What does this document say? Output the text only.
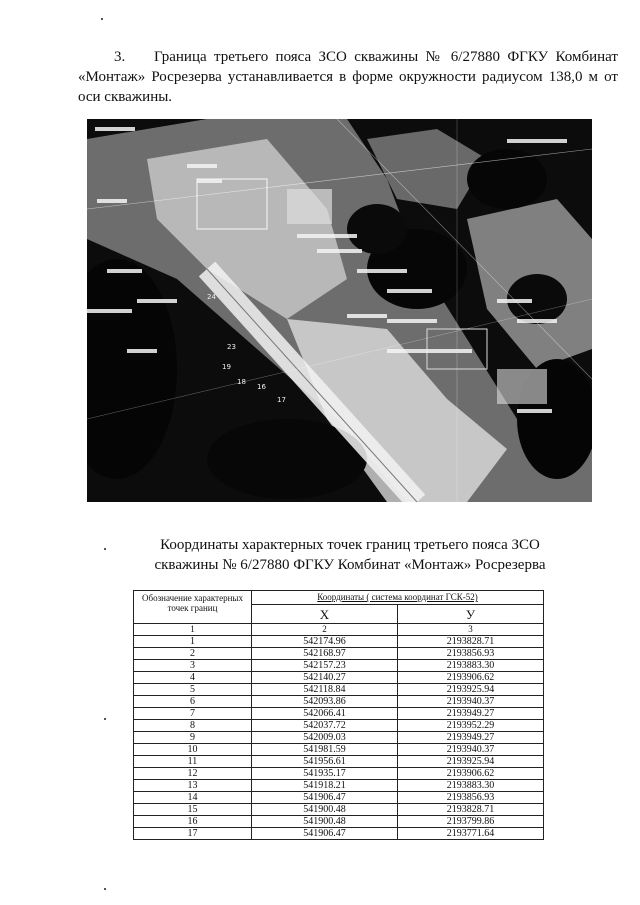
3. Граница третьего пояса ЗСО скважины № 6/27880 ФГКУ Комбинат «Монтаж» Росрезерва устанавливается в форме окружности радиусом 138,0 м от оси скважины.
23
24
19
16
18
17
Координаты характерных точек границ третьего пояса ЗСО
скважины № 6/27880 ФГКУ Комбинат «Монтаж» Росрезерва
Обозначение характерных точек границ	Координаты ( система координат ГСК-52)	
	X	У
1	2	3
1	542174.96	2193828.71
2	542168.97	2193856.93
3	542157.23	2193883.30
4	542140.27	2193906.62
5	542118.84	2193925.94
6	542093.86	2193940.37
7	542066.41	2193949.27
8	542037.72	2193952.29
9	542009.03	2193949.27
10	541981.59	2193940.37
11	541956.61	2193925.94
12	541935.17	2193906.62
13	541918.21	2193883.30
14	541906.47	2193856.93
15	541900.48	2193828.71
16	541900.48	2193799.86
17	541906.47	2193771.64
